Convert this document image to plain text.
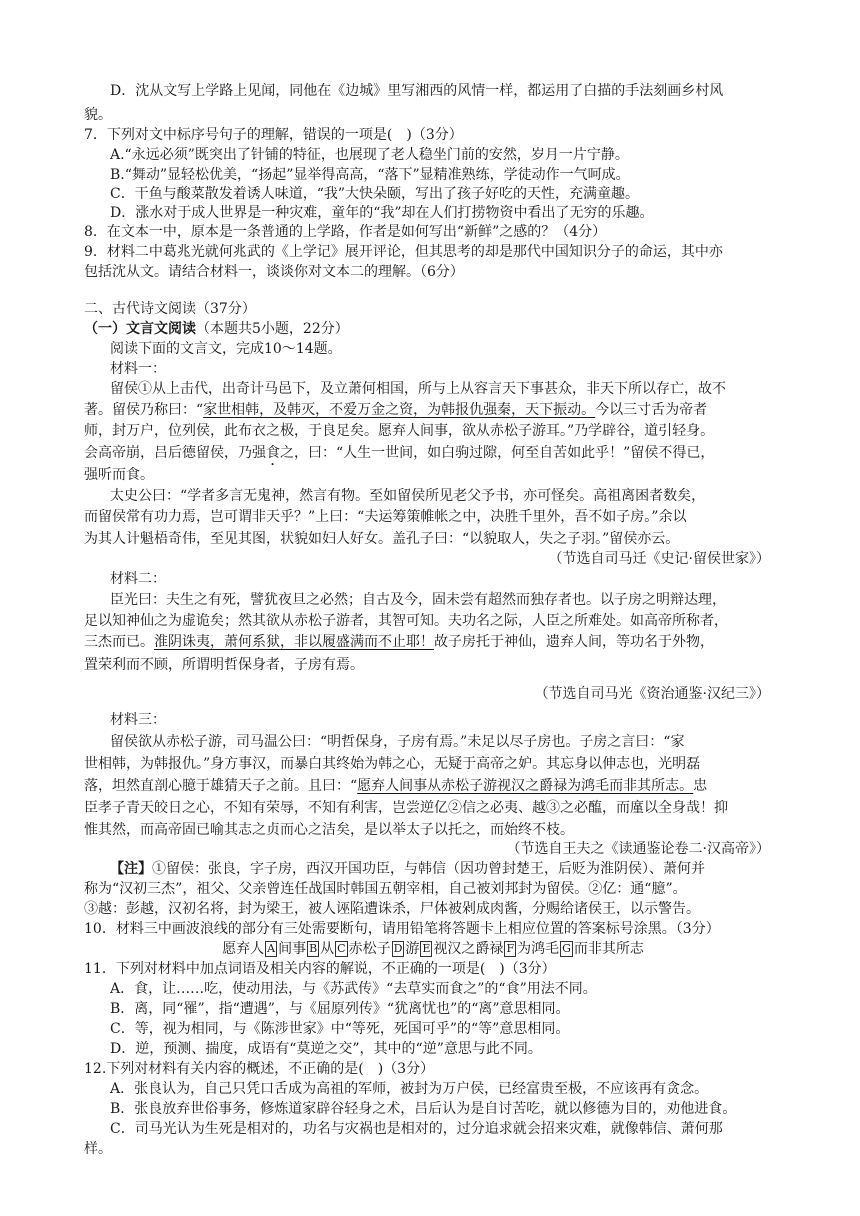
D．沈从文写上学路上见闻，同他在《边城》里写湘西的风情一样，都运用了白描的手法刻画乡村风
貌。
7．下列对文中标序号句子的理解，错误的一项是(　)（3分）
A.“永远必须”既突出了针铺的特征，也展现了老人稳坐门前的安然，岁月一片宁静。
B.“舞动”显轻松优美，“扬起”显举得高高，“落下”显精准熟练，学徒动作一气呵成。
C．干鱼与酸菜散发着诱人味道，“我”大快朵颐，写出了孩子好吃的天性，充满童趣。
D．涨水对于成人世界是一种灾难，童年的“我”却在人们打捞物资中看出了无穷的乐趣。
8．在文本一中，原本是一条普通的上学路，作者是如何写出“新鲜”之感的？（4分）
9．材料二中葛兆光就何兆武的《上学记》展开评论，但其思考的却是那代中国知识分子的命运，其中亦
包括沈从文。请结合材料一，谈谈你对文本二的理解。（6分）
二、古代诗文阅读（37分）
（一）文言文阅读（本题共5小题，22分）
阅读下面的文言文，完成10～14题。
材料一：
留侯①从上击代，出奇计马邑下，及立萧何相国，所与上从容言天下事甚众，非天下所以存亡，故不
著。留侯乃称曰：“家世相韩，及韩灭，不爱万金之资，为韩报仇强秦，天下振动。今以三寸舌为帝者
师，封万户，位列侯，此布衣之极，于良足矣。愿弃人间事，欲从赤松子游耳。”乃学辟谷，道引轻身。
会高帝崩，吕后德留侯，乃强食之，曰：“人生一世间，如白驹过隙，何至自苦如此乎！”留侯不得已，
强听而食。
太史公曰：“学者多言无鬼神，然言有物。至如留侯所见老父予书，亦可怪矣。高祖离困者数矣，
而留侯常有功力焉，岂可谓非天乎？”上曰：“夫运筹策帷帐之中，决胜千里外，吾不如子房。”余以
为其人计魁梧奇伟，至见其图，状貌如妇人好女。盖孔子曰：“以貌取人，失之子羽。”留侯亦云。
（节选自司马迁《史记·留侯世家》）
材料二：
臣光曰：夫生之有死，譬犹夜旦之必然；自古及今，固未尝有超然而独存者也。以子房之明辩达理，
足以知神仙之为虚诡矣；然其欲从赤松子游者，其智可知。夫功名之际，人臣之所难处。如高帝所称者，
三杰而已。淮阴诛夷，萧何系狱，非以履盛满而不止耶！故子房托于神仙，遗弃人间，等功名于外物，
置荣利而不顾，所谓明哲保身者，子房有焉。
（节选自司马光《资治通鉴·汉纪三》）
材料三：
留侯欲从赤松子游，司马温公曰：“明哲保身，子房有焉。”未足以尽子房也。子房之言曰：“家
世相韩，为韩报仇。”身方事汉，而暴白其终始为韩之心，无疑于高帝之妒。其忘身以伸志也，光明磊
落，坦然直剖心臆于雄猜天子之前。且曰：“愿弃人间事从赤松子游视汉之爵禄为鸿毛而非其所志。忠
臣孝子青天皎日之心，不知有荣辱，不知有利害，岂尝逆亿②信之必夷、越③之必醢，而廑以全身哉！抑
惟其然，而高帝固已喻其志之贞而心之洁矣，是以举太子以托之，而始终不枝。
（节选自王夫之《读通鉴论卷二·汉高帝》）
【注】①留侯：张良，字子房，西汉开国功臣，与韩信（因功曾封楚王，后贬为淮阴侯）、萧何并
称为“汉初三杰”，祖父、父亲曾连任战国时韩国五朝宰相，自己被刘邦封为留侯。②亿：通“臆”。
③越：彭越，汉初名将，封为梁王，被人诬陷遭诛杀，尸体被剁成肉酱，分赐给诸侯王，以示警告。
10．材料三中画波浪线的部分有三处需要断句，请用铅笔将答题卡上相应位置的答案标号涂黑。（3分）
愿弃人 A 间事 B 从 C 赤松子 D 游 E 视汉之爵禄 F 为鸿毛 G 而非其所志
11．下列对材料中加点词语及相关内容的解说，不正确的一项是(　)（3分）
A．食，让……吃，使动用法，与《苏武传》“去草实而食之”的“食”用法不同。
B．离，同“罹”，指“遭遇”，与《屈原列传》“犹离忧也”的“离”意思相同。
C．等，视为相同，与《陈涉世家》中“等死，死国可乎”的“等”意思相同。
D．逆，预测、揣度，成语有“莫逆之交”，其中的“逆”意思与此不同。
12.下列对材料有关内容的概述，不正确的是(　)（3分）
A．张良认为，自己只凭口舌成为高祖的军师，被封为万户侯，已经富贵至极，不应该再有贪念。
B．张良放弃世俗事务，修炼道家辟谷轻身之术，吕后认为是自讨苦吃，就以修德为目的，劝他进食。
C．司马光认为生死是相对的，功名与灾祸也是相对的，过分追求就会招来灾难，就像韩信、萧何那
样。
